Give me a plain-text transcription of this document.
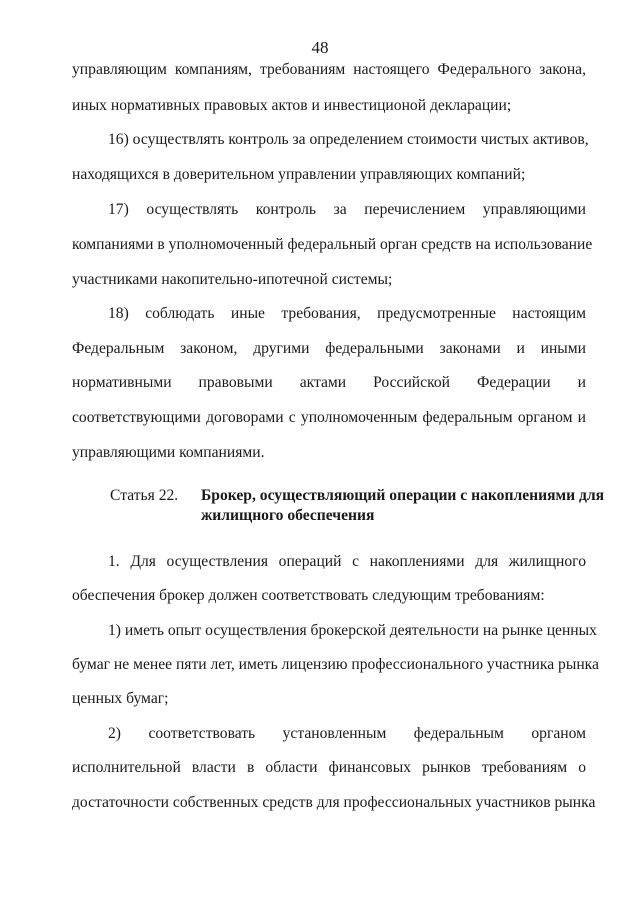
48
управляющим компаниям, требованиям настоящего Федерального закона,
иных нормативных правовых актов и инвестиционой декларации;
16) осуществлять контроль за определением стоимости чистых активов,
находящихся в доверительном управлении управляющих компаний;
17) осуществлять контроль за перечислением управляющими
компаниями в уполномоченный федеральный орган средств на использование
участниками накопительно-ипотечной системы;
18) соблюдать иные требования, предусмотренные настоящим
Федеральным законом, другими федеральными законами и иными
нормативными правовыми актами Российской Федерации и
соответствующими договорами с уполномоченным федеральным органом и
управляющими компаниями.
1. Для осуществления операций с накоплениями для жилищного
обеспечения брокер должен соответствовать следующим требованиям:
1) иметь опыт осуществления брокерской деятельности на рынке ценных
бумаг не менее пяти лет, иметь лицензию профессионального участника рынка
ценных бумаг;
2) соответствовать установленным федеральным органом
исполнительной власти в области финансовых рынков требованиям о
достаточности собственных средств для профессиональных участников рынка
Статья 22. Брокер, осуществляющий операции с накоплениями для
жилищного обеспечения
